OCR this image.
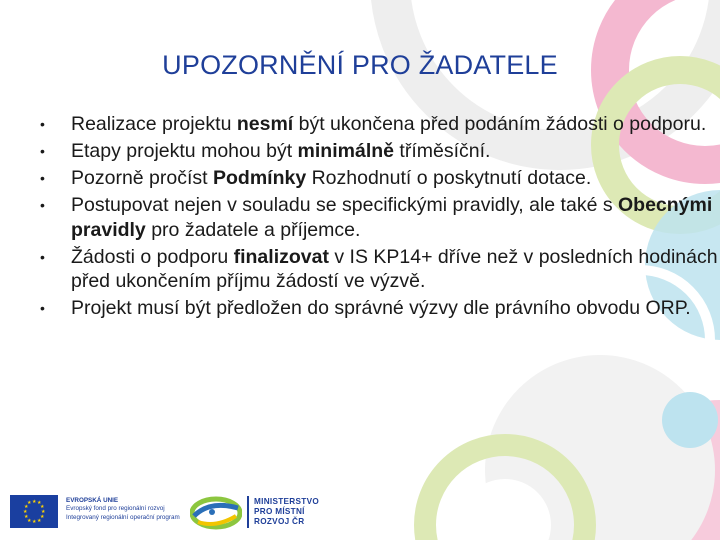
UPOZORNĚNÍ PRO ŽADATELE
• Realizace projektu nesmí být ukončena před podáním žádosti o podporu.
• Etapy projektu mohou být minimálně tříměsíční.
• Pozorně pročíst Podmínky Rozhodnutí o poskytnutí dotace.
• Postupovat nejen v souladu se specifickými pravidly, ale také s Obecnými pravidly pro žadatele a příjemce.
• Žádosti o podporu finalizovat v IS KP14+ dříve než v posledních hodinách před ukončením příjmu žádostí ve výzvě.
• Projekt musí být předložen do správné výzvy dle právního obvodu ORP.
★ ★
★
★
★
★
★
★
★
★
★
★	EVROPSKÁ UNIE
Evropský fond pro regionální rozvoj
Integrovaný regionální operační program
MINISTERSTVO
PRO MÍSTNÍ
ROZVOJ ČR
